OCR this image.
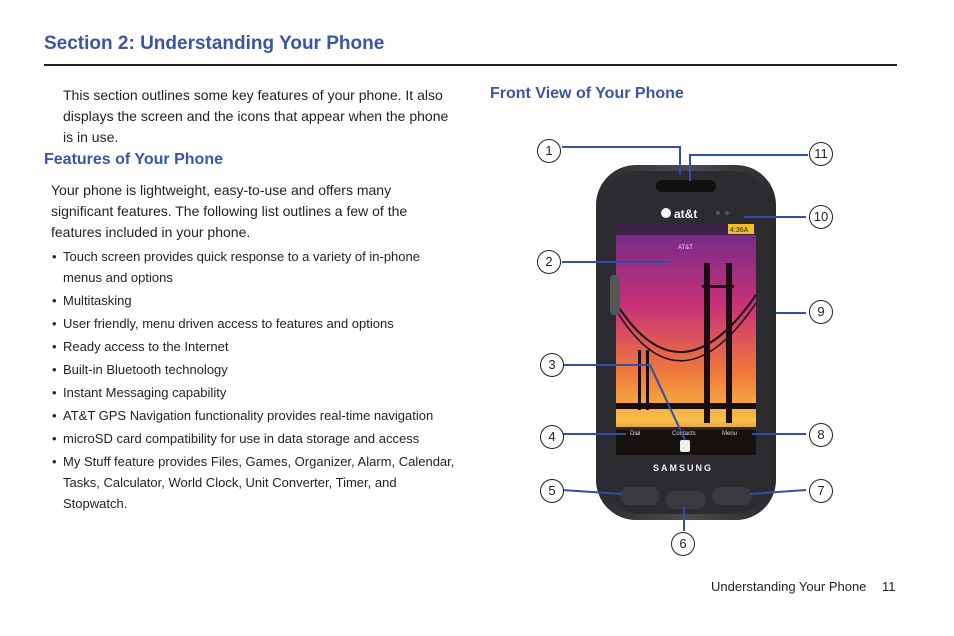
Section 2: Understanding Your Phone

This section outlines some key features of your phone. It also displays the screen and the icons that appear when the phone is in use.

Features of Your Phone
Your phone is lightweight, easy-to-use and offers many significant features. The following list outlines a few of the features included in your phone.
• Touch screen provides quick response to a variety of in-phone menus and options
• Multitasking
• User friendly, menu driven access to features and options
• Ready access to the Internet
• Built-in Bluetooth technology
• Instant Messaging capability
• AT&T GPS Navigation functionality provides real-time navigation
• microSD card compatibility for use in data storage and access
• My Stuff feature provides Files, Games, Organizer, Alarm, Calendar, Tasks, Calculator, World Clock, Unit Converter, Timer, and Stopwatch.
Front View of Your Phone
at&t
4:36A
AT&T
Dial	Contacts	Menu
SAMSUNG
1	11
10
2
9
3
4	8
5	7
6
Understanding Your Phone 11
